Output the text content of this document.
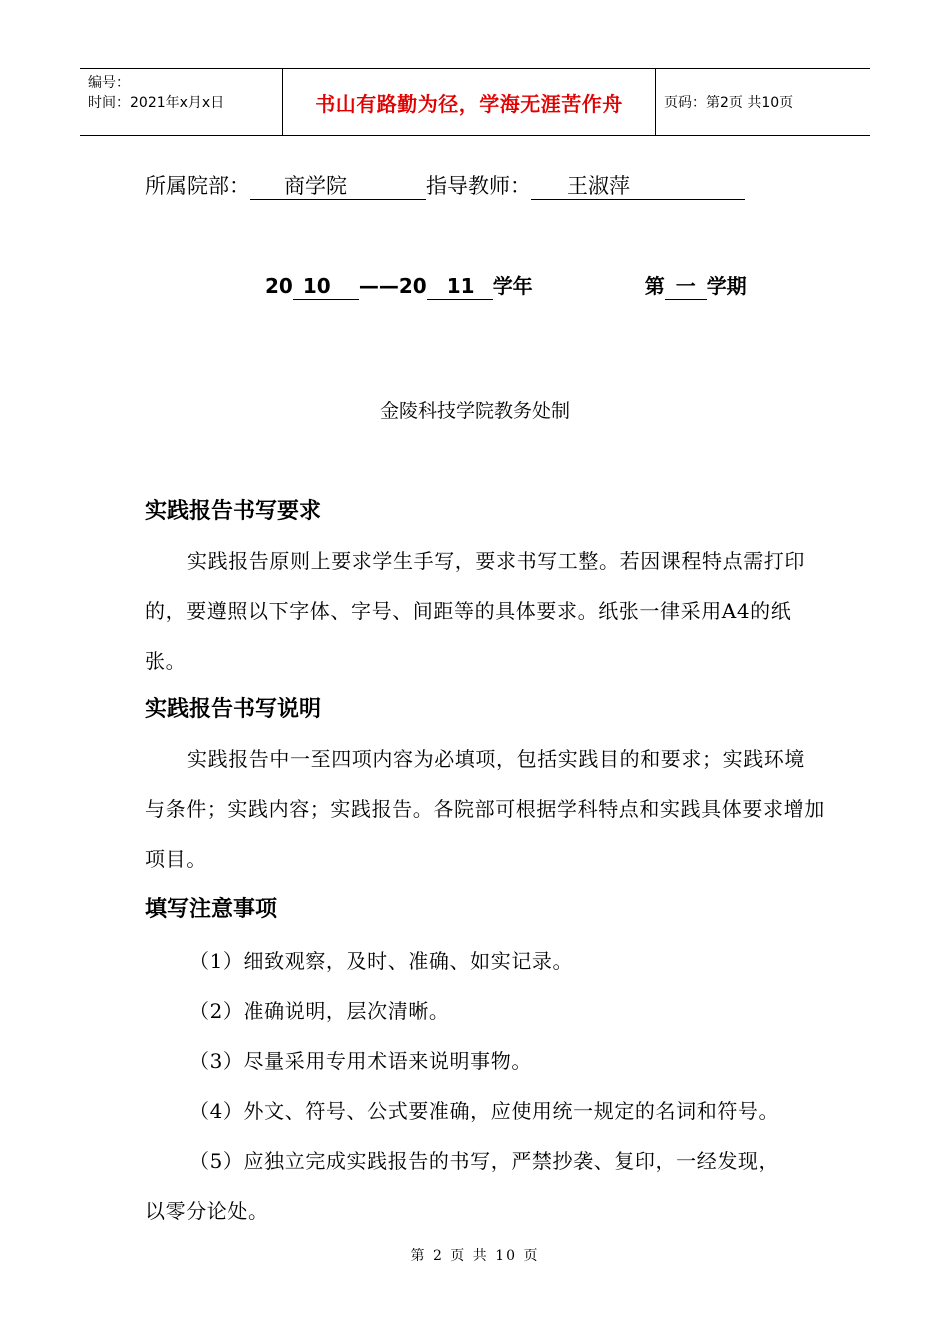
编号：
时间：2021年x月x日	书山有路勤为径，学海无涯苦作舟	页码：第2页 共10页
所属院部： 商学院	指导教师： 王淑萍
20 10 ——20 11 学年	第 一 学期
金陵科技学院教务处制
实践报告书写要求

实践报告原则上要求学生手写，要求书写工整。若因课程特点需打印的，要遵照以下字体、字号、间距等的具体要求。纸张一律采用A4的纸张。

实践报告书写说明

实践报告中一至四项内容为必填项，包括实践目的和要求；实践环境与条件；实践内容；实践报告。各院部可根据学科特点和实践具体要求增加项目。

填写注意事项

（1）细致观察，及时、准确、如实记录。

（2）准确说明，层次清晰。

（3）尽量采用专用术语来说明事物。

（4）外文、符号、公式要准确，应使用统一规定的名词和符号。

（5）应独立完成实践报告的书写，严禁抄袭、复印，一经发现，

以零分论处。

第 2 页 共 10 页
